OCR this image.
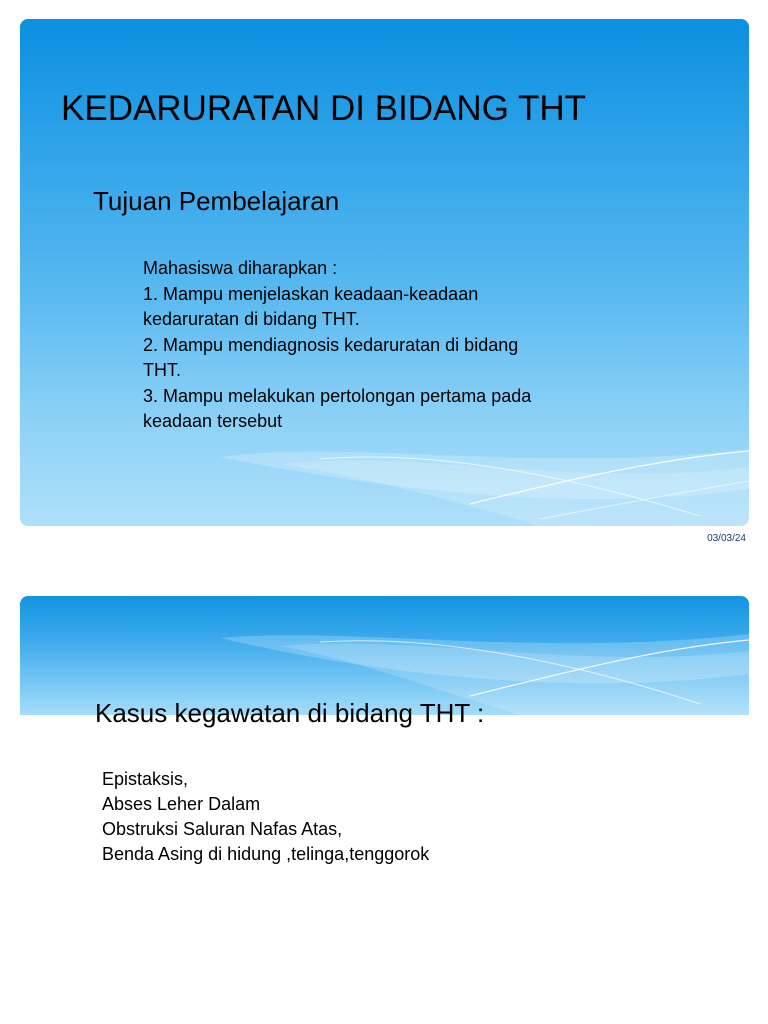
KEDARURATAN DI BIDANG THT
Tujuan Pembelajaran
Mahasiswa diharapkan :
1. Mampu menjelaskan keadaan-keadaan
kedaruratan di bidang THT.
2. Mampu mendiagnosis kedaruratan di bidang
THT.
3. Mampu melakukan pertolongan pertama pada
keadaan tersebut
03/03/24
Kasus kegawatan di bidang THT :
Epistaksis,
Abses Leher Dalam
Obstruksi Saluran Nafas Atas,
Benda Asing di hidung ,telinga,tenggorok
